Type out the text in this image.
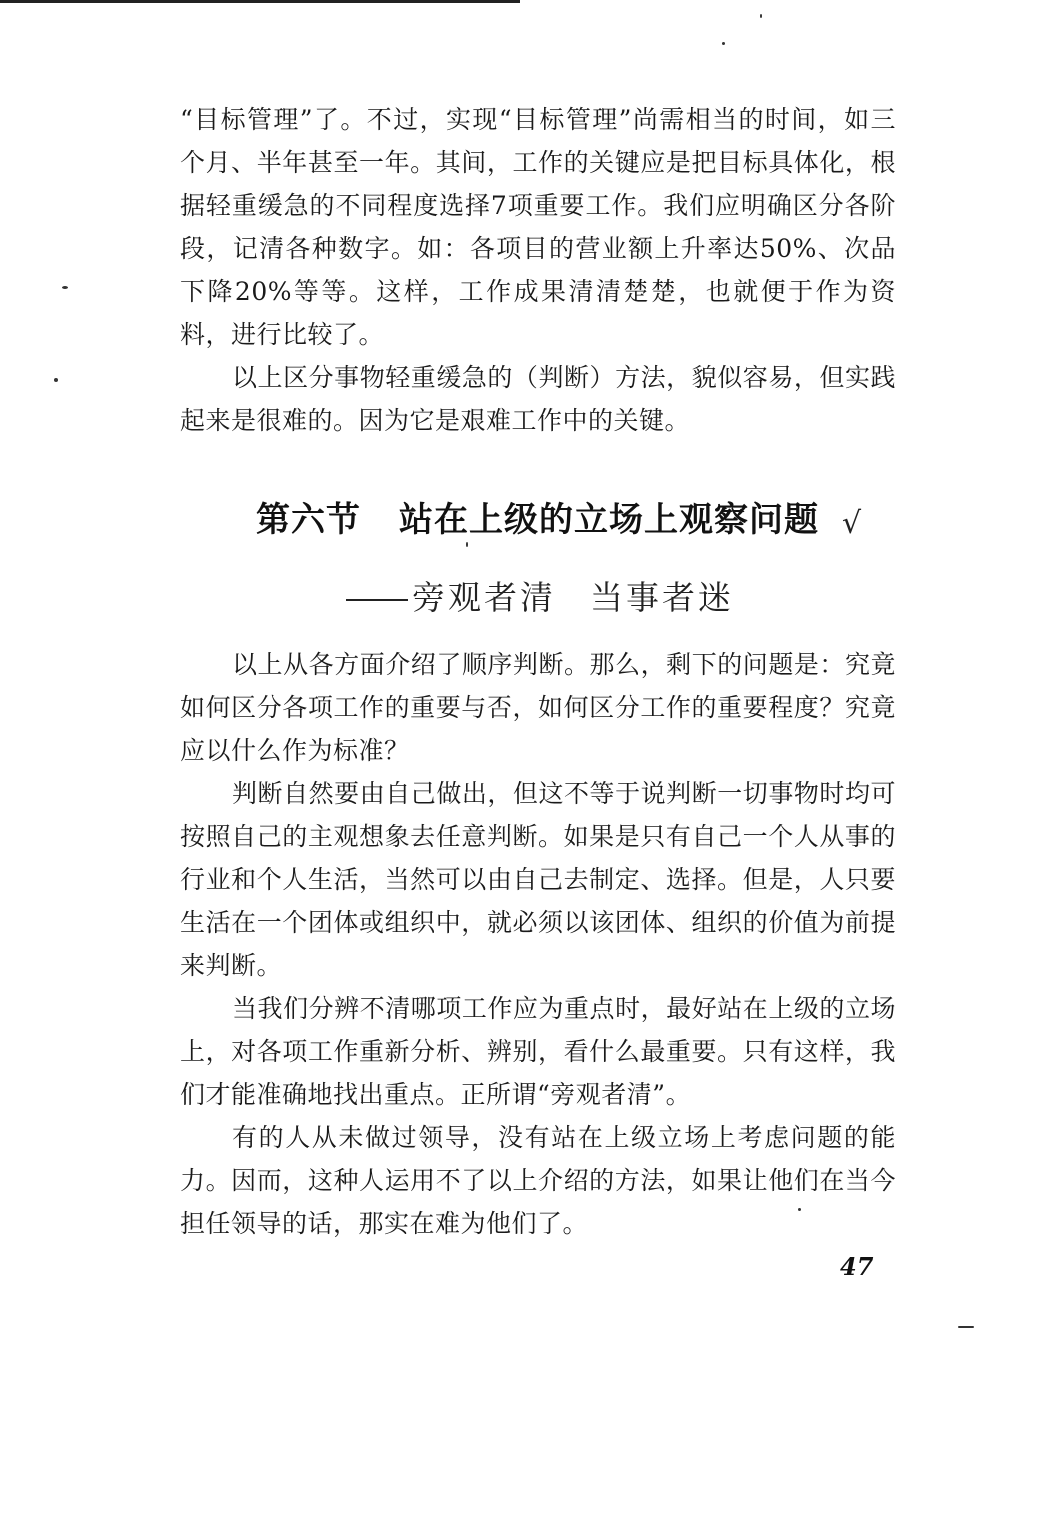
“目标管理”了。不过，实现“目标管理”尚需相当的时间，如三个月、半年甚至一年。其间，工作的关键应是把目标具体化，根据轻重缓急的不同程度选择7项重要工作。我们应明确区分各阶段，记清各种数字。如：各项目的营业额上升率达50%、次品下降20%等等。这样，工作成果清清楚楚，也就便于作为资料，进行比较了。

以上区分事物轻重缓急的（判断）方法，貌似容易，但实践起来是很难的。因为它是艰难工作中的关键。

第六节 站在上级的立场上观察问题 √
旁观者清 当事者迷

以上从各方面介绍了顺序判断。那么，剩下的问题是：究竟如何区分各项工作的重要与否，如何区分工作的重要程度？究竟应以什么作为标准？

判断自然要由自己做出，但这不等于说判断一切事物时均可按照自己的主观想象去任意判断。如果是只有自己一个人从事的行业和个人生活，当然可以由自己去制定、选择。但是，人只要生活在一个团体或组织中，就必须以该团体、组织的价值为前提来判断。

当我们分辨不清哪项工作应为重点时，最好站在上级的立场上，对各项工作重新分析、辨别，看什么最重要。只有这样，我们才能准确地找出重点。正所谓“旁观者清”。

有的人从未做过领导，没有站在上级立场上考虑问题的能力。因而，这种人运用不了以上介绍的方法，如果让他们在当今担任领导的话，那实在难为他们了。

47
